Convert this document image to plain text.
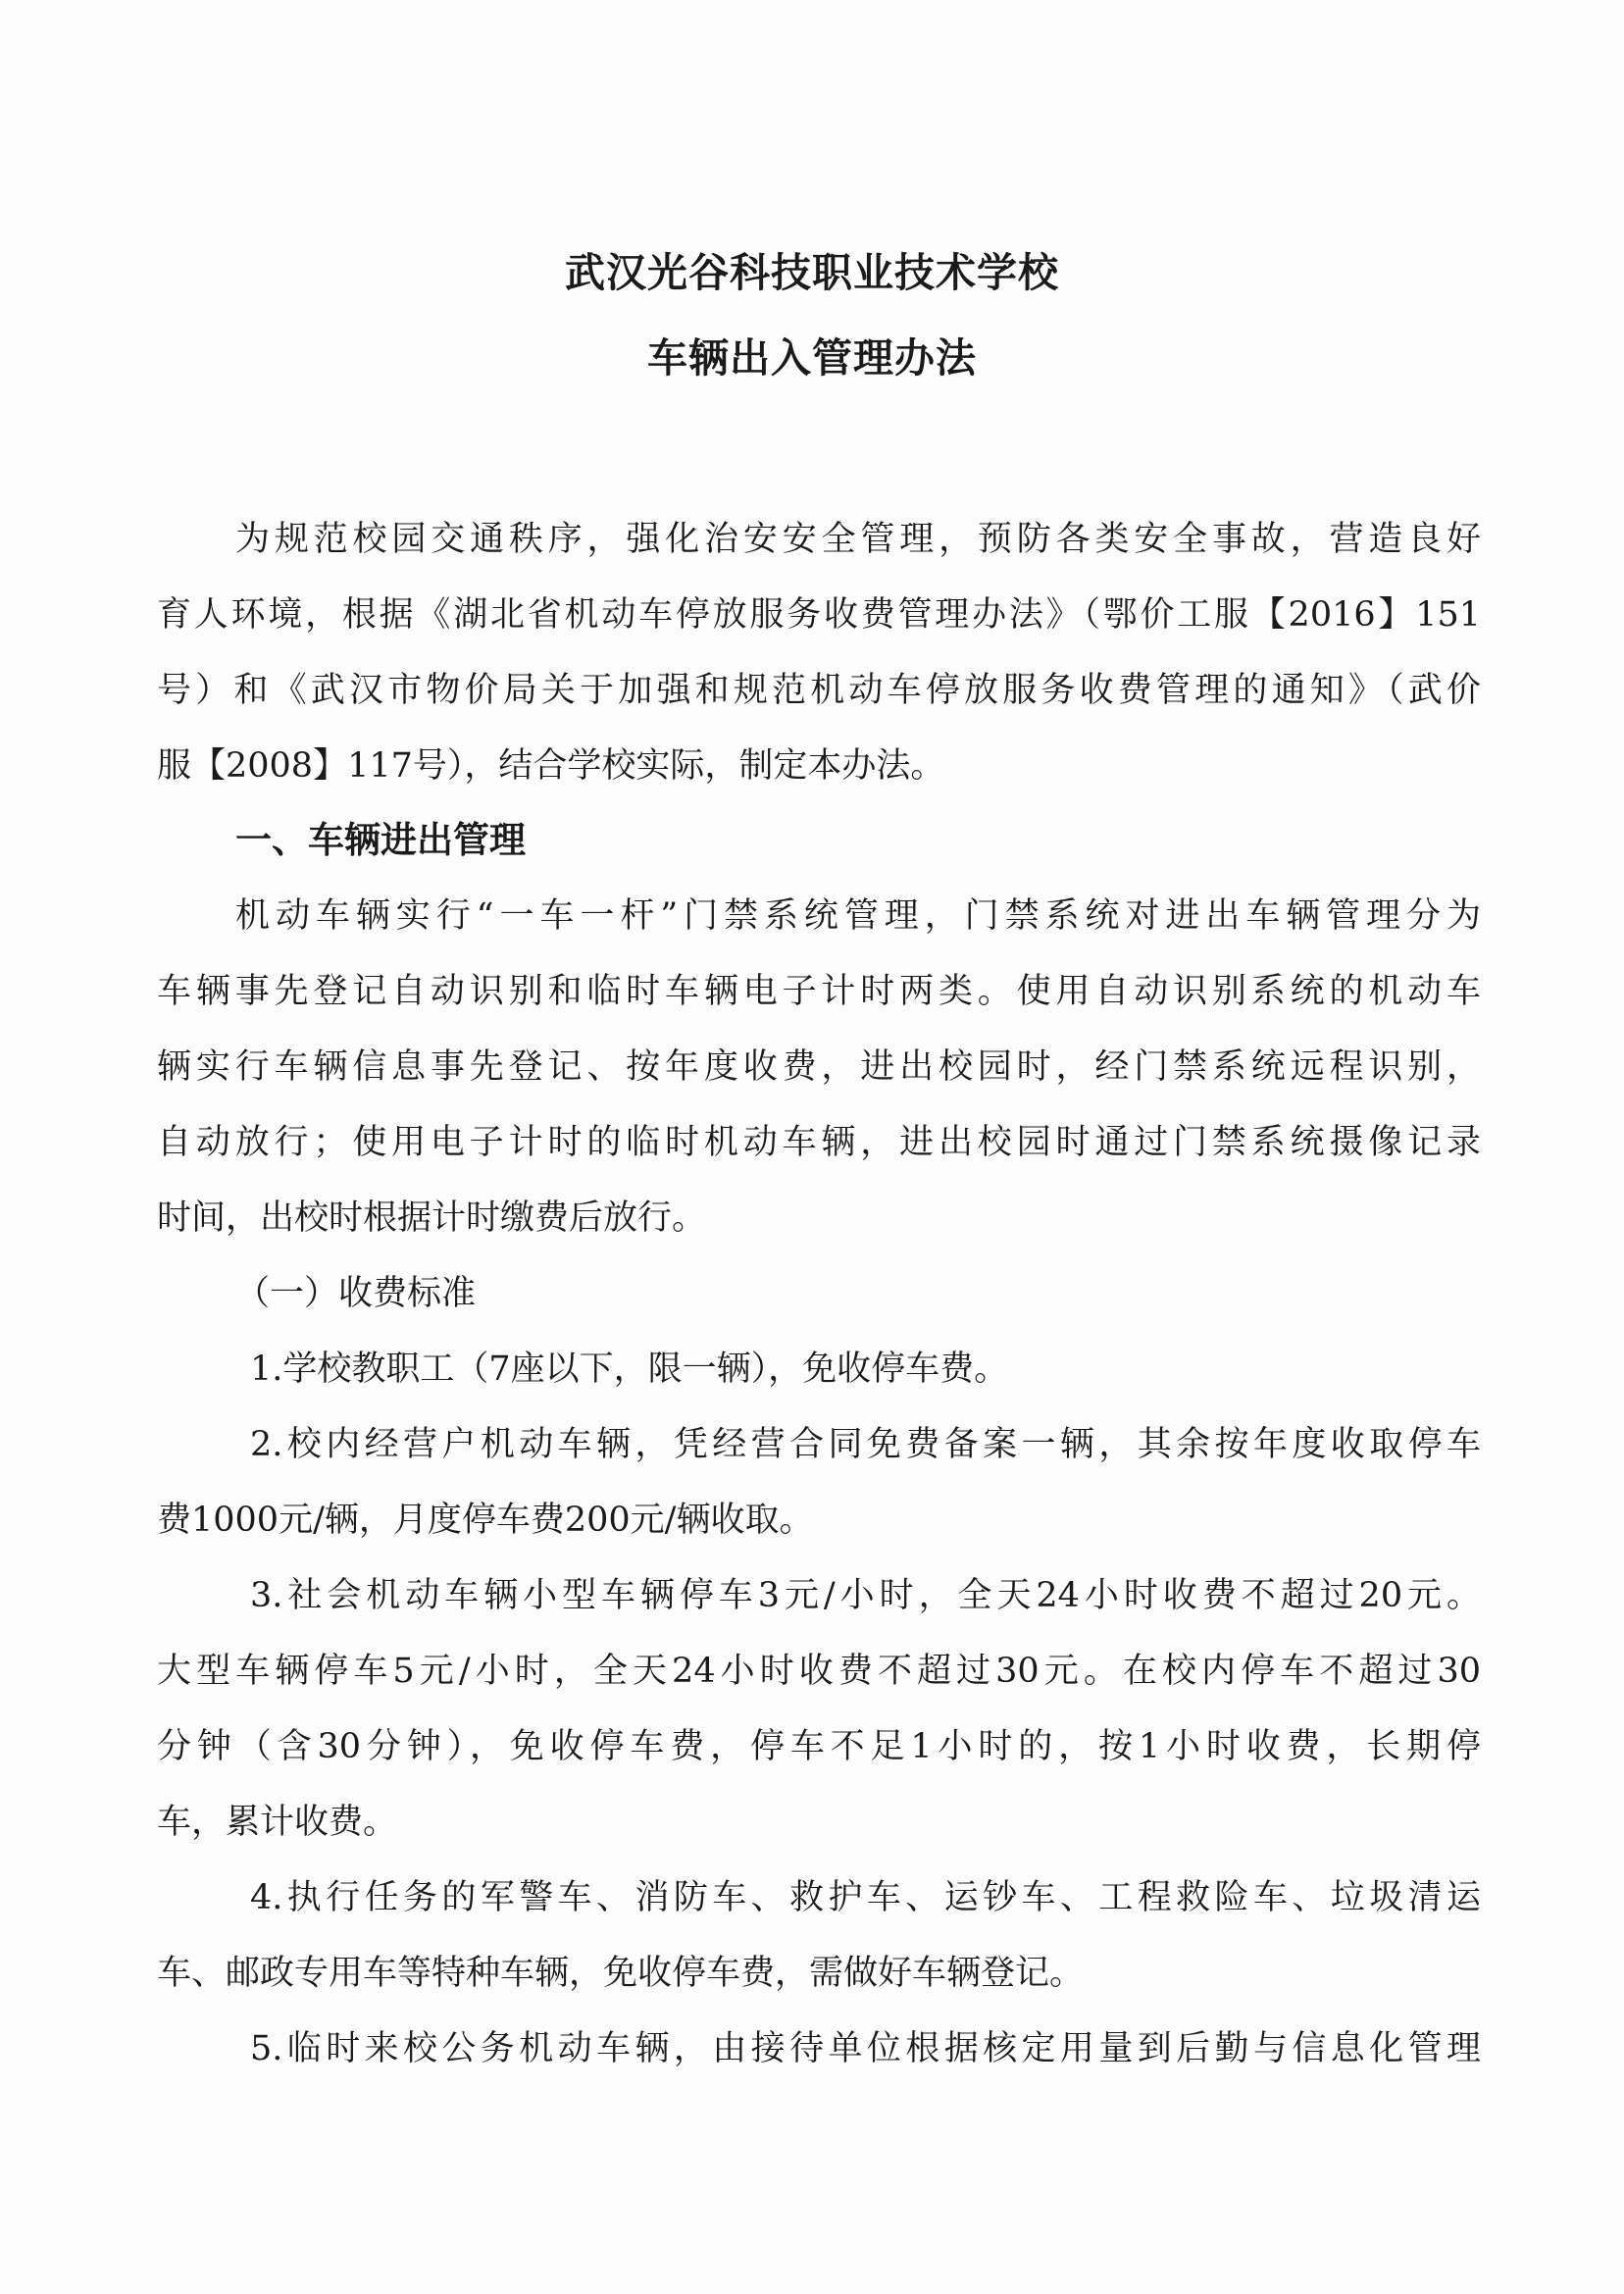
武汉光谷科技职业技术学校
车辆出入管理办法

为规范校园交通秩序，强化治安安全管理，预防各类安全事故，营造良好

育人环境，根据《湖北省机动车停放服务收费管理办法》（鄂价工服【2016】151

号）和《武汉市物价局关于加强和规范机动车停放服务收费管理的通知》（武价

服【2008】117号），结合学校实际，制定本办法。

一、车辆进出管理

机动车辆实行“一车一杆”门禁系统管理，门禁系统对进出车辆管理分为

车辆事先登记自动识别和临时车辆电子计时两类。使用自动识别系统的机动车

辆实行车辆信息事先登记、按年度收费，进出校园时，经门禁系统远程识别，

自动放行；使用电子计时的临时机动车辆，进出校园时通过门禁系统摄像记录

时间，出校时根据计时缴费后放行。

（一）收费标准

1.学校教职工（7座以下，限一辆），免收停车费。

2.校内经营户机动车辆，凭经营合同免费备案一辆，其余按年度收取停车

费1000元/辆，月度停车费200元/辆收取。

3.社会机动车辆小型车辆停车3元/小时，全天24小时收费不超过20元。

大型车辆停车5元/小时，全天24小时收费不超过30元。在校内停车不超过30

分钟（含30分钟），免收停车费，停车不足1小时的，按1小时收费，长期停

车，累计收费。

4.执行任务的军警车、消防车、救护车、运钞车、工程救险车、垃圾清运

车、邮政专用车等特种车辆，免收停车费，需做好车辆登记。

5.临时来校公务机动车辆，由接待单位根据核定用量到后勤与信息化管理
